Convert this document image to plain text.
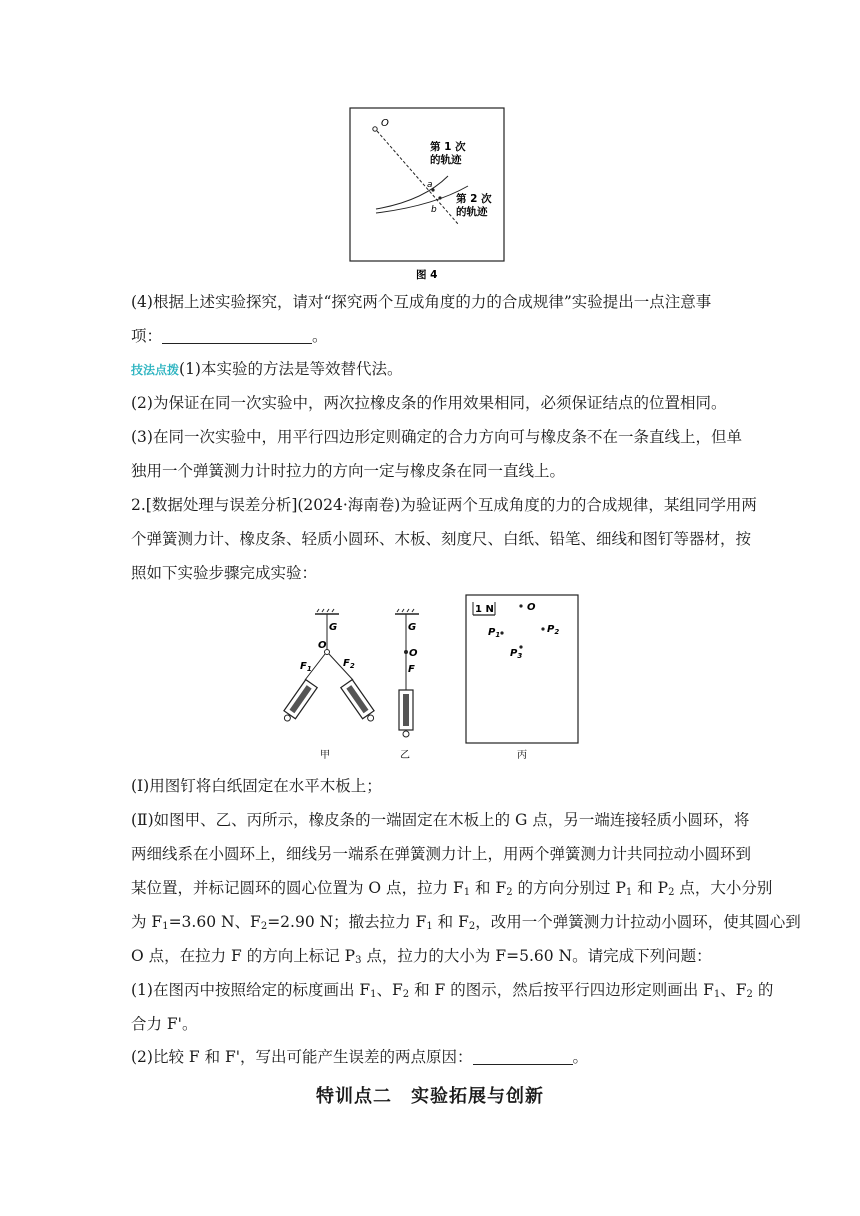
O
a
b
第 1 次
的轨迹
第 2 次
的轨迹
图 4
(4)根据上述实验探究，请对“探究两个互成角度的力的合成规律”实验提出一点注意事
项：	。
技法点拨(1)本实验的方法是等效替代法。
(2)为保证在同一次实验中，两次拉橡皮条的作用效果相同，必须保证结点的位置相同。
(3)在同一次实验中，用平行四边形定则确定的合力方向可与橡皮条不在一条直线上，但单
独用一个弹簧测力计时拉力的方向一定与橡皮条在同一直线上。
2.[数据处理与误差分析](2024·海南卷)为验证两个互成角度的力的合成规律，某组同学用两
个弹簧测力计、橡皮条、轻质小圆环、木板、刻度尺、白纸、铅笔、细线和图钉等器材，按
照如下实验步骤完成实验：
G
O
$F_1$	$F_2$
甲
G
O
F
乙
1 N	O
$P_1$	$P_2$
$P_3$
丙
(Ⅰ)用图钉将白纸固定在水平木板上；
(Ⅱ)如图甲、乙、丙所示，橡皮条的一端固定在木板上的 G 点，另一端连接轻质小圆环，将
两细线系在小圆环上，细线另一端系在弹簧测力计上，用两个弹簧测力计共同拉动小圆环到
某位置，并标记圆环的圆心位置为 O 点，拉力 $F_1$ 和 $F_2$ 的方向分别过 $P_1$ 和 $P_2$ 点，大小分别
为 $F_1=3.60$ N、$F_2=2.90$ N；撤去拉力 $F_1$ 和 $F_2$，改用一个弹簧测力计拉动小圆环，使其圆心到
O 点，在拉力 F 的方向上标记 $P_3$ 点，拉力的大小为 F=5.60 N。请完成下列问题：
(1)在图丙中按照给定的标度画出 $F_1$、$F_2$ 和 F 的图示，然后按平行四边形定则画出 $F_1$、$F_2$ 的
合力 F'。
(2)比较 F 和 F'，写出可能产生误差的两点原因：	。
特训点二　实验拓展与创新
